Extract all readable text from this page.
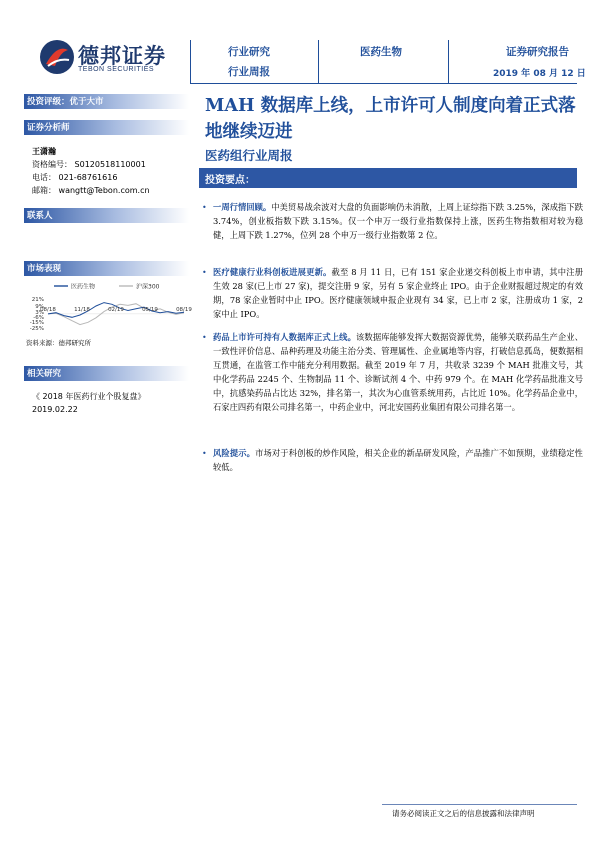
德邦证券
TEBON SECURITIES
行业研究
行业周报
医药生物	证券研究报告
2019 年 08 月 12 日
投资评级：优于大市
证券分析师
王潇瀚
资格编号： S0120518110001
电话： 021-68761616
邮箱： wangtt@Tebon.com.cn
联系人
市场表现
医药生物	沪深300
21%
9%
3%
-6%
-15%
-25%
08/18	11/18	02/19	05/19	08/19
资料来源：德邦研究所
相关研究
《 2018 年医药行业个股复盘》
2019.02.22
MAH 数据库上线，上市许可人制度向着正式落地继续迈进
医药组行业周报
投资要点：
• 一周行情回顾。中美贸易战余波对大盘的负面影响仍未消散，上周上证综指下跌 3.25%，深成指下跌 3.74%，创业板指数下跌 3.15%。仅一个申万一级行业指数保持上涨，医药生物指数相对较为稳健，上周下跌 1.27%，位列 28 个申万一级行业指数第 2 位。
• 医疗健康行业科创板进展更新。截至 8 月 11 日，已有 151 家企业递交科创板上市申请，其中注册生效 28 家(已上市 27 家)，提交注册 9 家，另有 5 家企业终止 IPO。由于企业财报超过规定的有效期，78 家企业暂时中止 IPO。医疗健康领域申报企业现有 34 家，已上市 2 家，注册成功 1 家，2 家中止 IPO。
• 药品上市许可持有人数据库正式上线。该数据库能够发挥大数据资源优势，能够关联药品生产企业、一致性评价信息、品种药理及功能主治分类、管理属性、企业属地等内容，打破信息孤岛，便数据相互贯通，在监管工作中能充分利用数据。截至 2019 年 7 月，共收录 3239 个 MAH 批准文号，其中化学药品 2245 个、生物制品 11 个、诊断试剂 4 个、中药 979 个。在 MAH 化学药品批准文号中，抗感染药品占比达 32%，排名第一，其次为心血管系统用药，占比近 10%。化学药品企业中，石家庄四药有限公司排名第一，中药企业中，河北安国药业集团有限公司排名第一。
• 风险提示。市场对于科创板的炒作风险，相关企业的新品研发风险，产品推广不如预期，业绩稳定性较低。
请务必阅读正文之后的信息披露和法律声明
